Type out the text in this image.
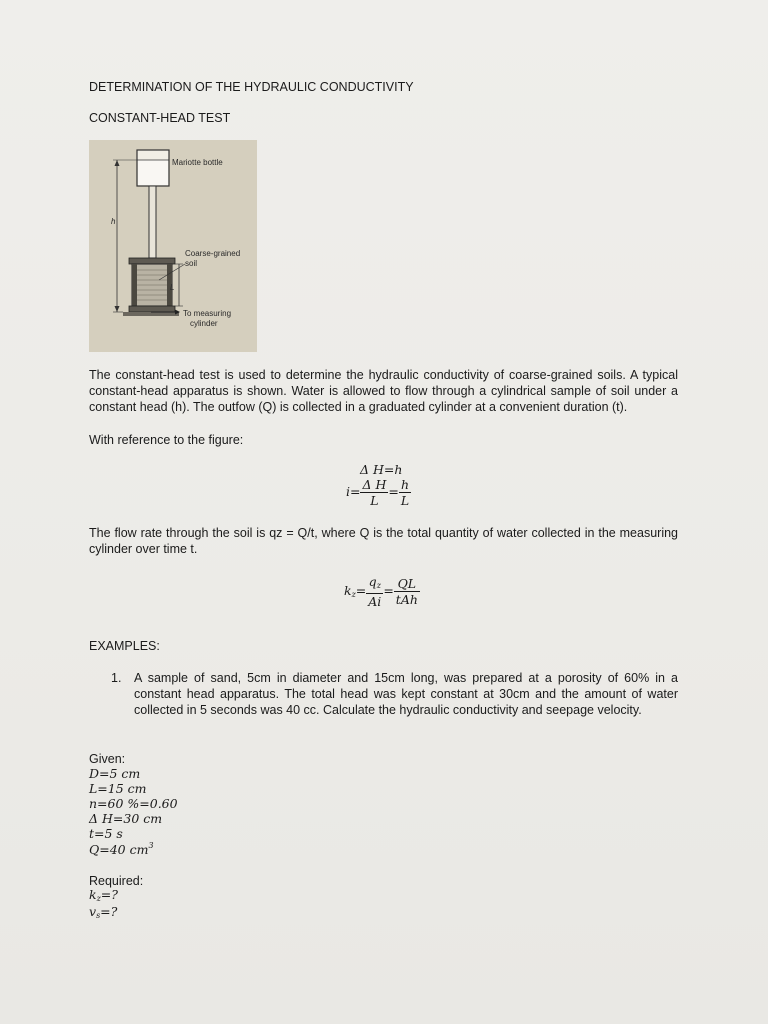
DETERMINATION OF THE HYDRAULIC CONDUCTIVITY
CONSTANT-HEAD TEST
h
L
Mariotte bottle
Coarse-grained
soil
To measuring
cylinder
The constant-head test is used to determine the hydraulic conductivity of coarse-grained soils. A typical constant-head apparatus is shown. Water is allowed to flow through a cylindrical sample of soil under a constant head (h). The outfow (Q) is collected in a graduated cylinder at a convenient duration (t).
With reference to the figure:
Δ H=h
$i= \frac{\text{Δ H}}{L} = \frac{h}{L}$
The flow rate through the soil is qz = Q/t, where Q is the total quantity of water collected in the measuring cylinder over time t.
$k_z= \frac{q_z}{Ai} = \frac{QL}{\text{tAh}}$
EXAMPLES:
1. A sample of sand, 5cm in diameter and 15cm long, was prepared at a porosity of 60% in a constant head apparatus. The total head was kept constant at 30cm and the amount of water collected in 5 seconds was 40 cc. Calculate the hydraulic conductivity and seepage velocity.
Given:
D=5 cm
L=15 cm
n=60 %=0.60
Δ H=30 cm
t=5 s
Q=40 $cm^3$
Required:
$k_z=$?
$v_s=$?
